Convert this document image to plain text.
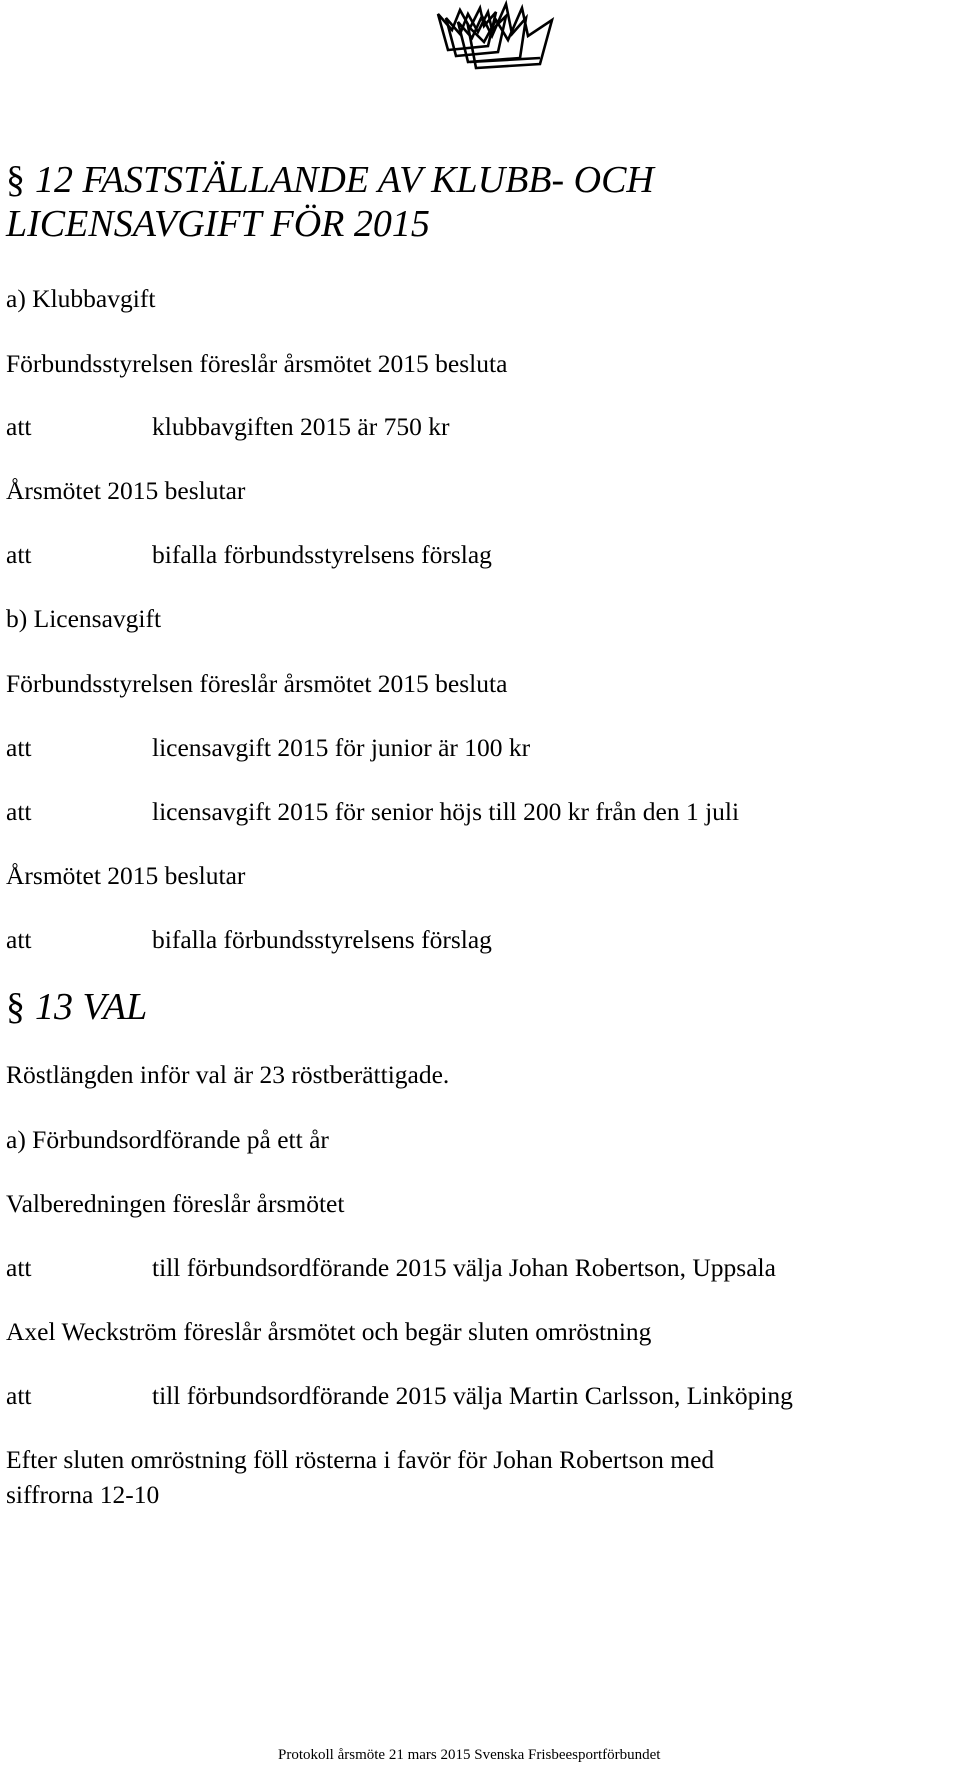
§ 12 FASTSTÄLLANDE AV KLUBB- OCH
LICENSAVGIFT FÖR 2015
a) Klubbavgift
Förbundsstyrelsen föreslår årsmötet 2015 besluta
att	klubbavgiften 2015 är 750 kr
Årsmötet 2015 beslutar
att	bifalla förbundsstyrelsens förslag
b) Licensavgift
Förbundsstyrelsen föreslår årsmötet 2015 besluta
att	licensavgift 2015 för junior är 100 kr
att	licensavgift 2015 för senior höjs till 200 kr från den 1 juli
Årsmötet 2015 beslutar
att	bifalla förbundsstyrelsens förslag
§ 13 VAL
Röstlängden inför val är 23 röstberättigade.
a) Förbundsordförande på ett år
Valberedningen föreslår årsmötet
att	till förbundsordförande 2015 välja Johan Robertson, Uppsala
Axel Weckström föreslår årsmötet och begär sluten omröstning
att	till förbundsordförande 2015 välja Martin Carlsson, Linköping
Efter sluten omröstning föll rösterna i favör för Johan Robertson med
siffrorna 12-10
Protokoll årsmöte 21 mars 2015 Svenska Frisbeesportförbundet
